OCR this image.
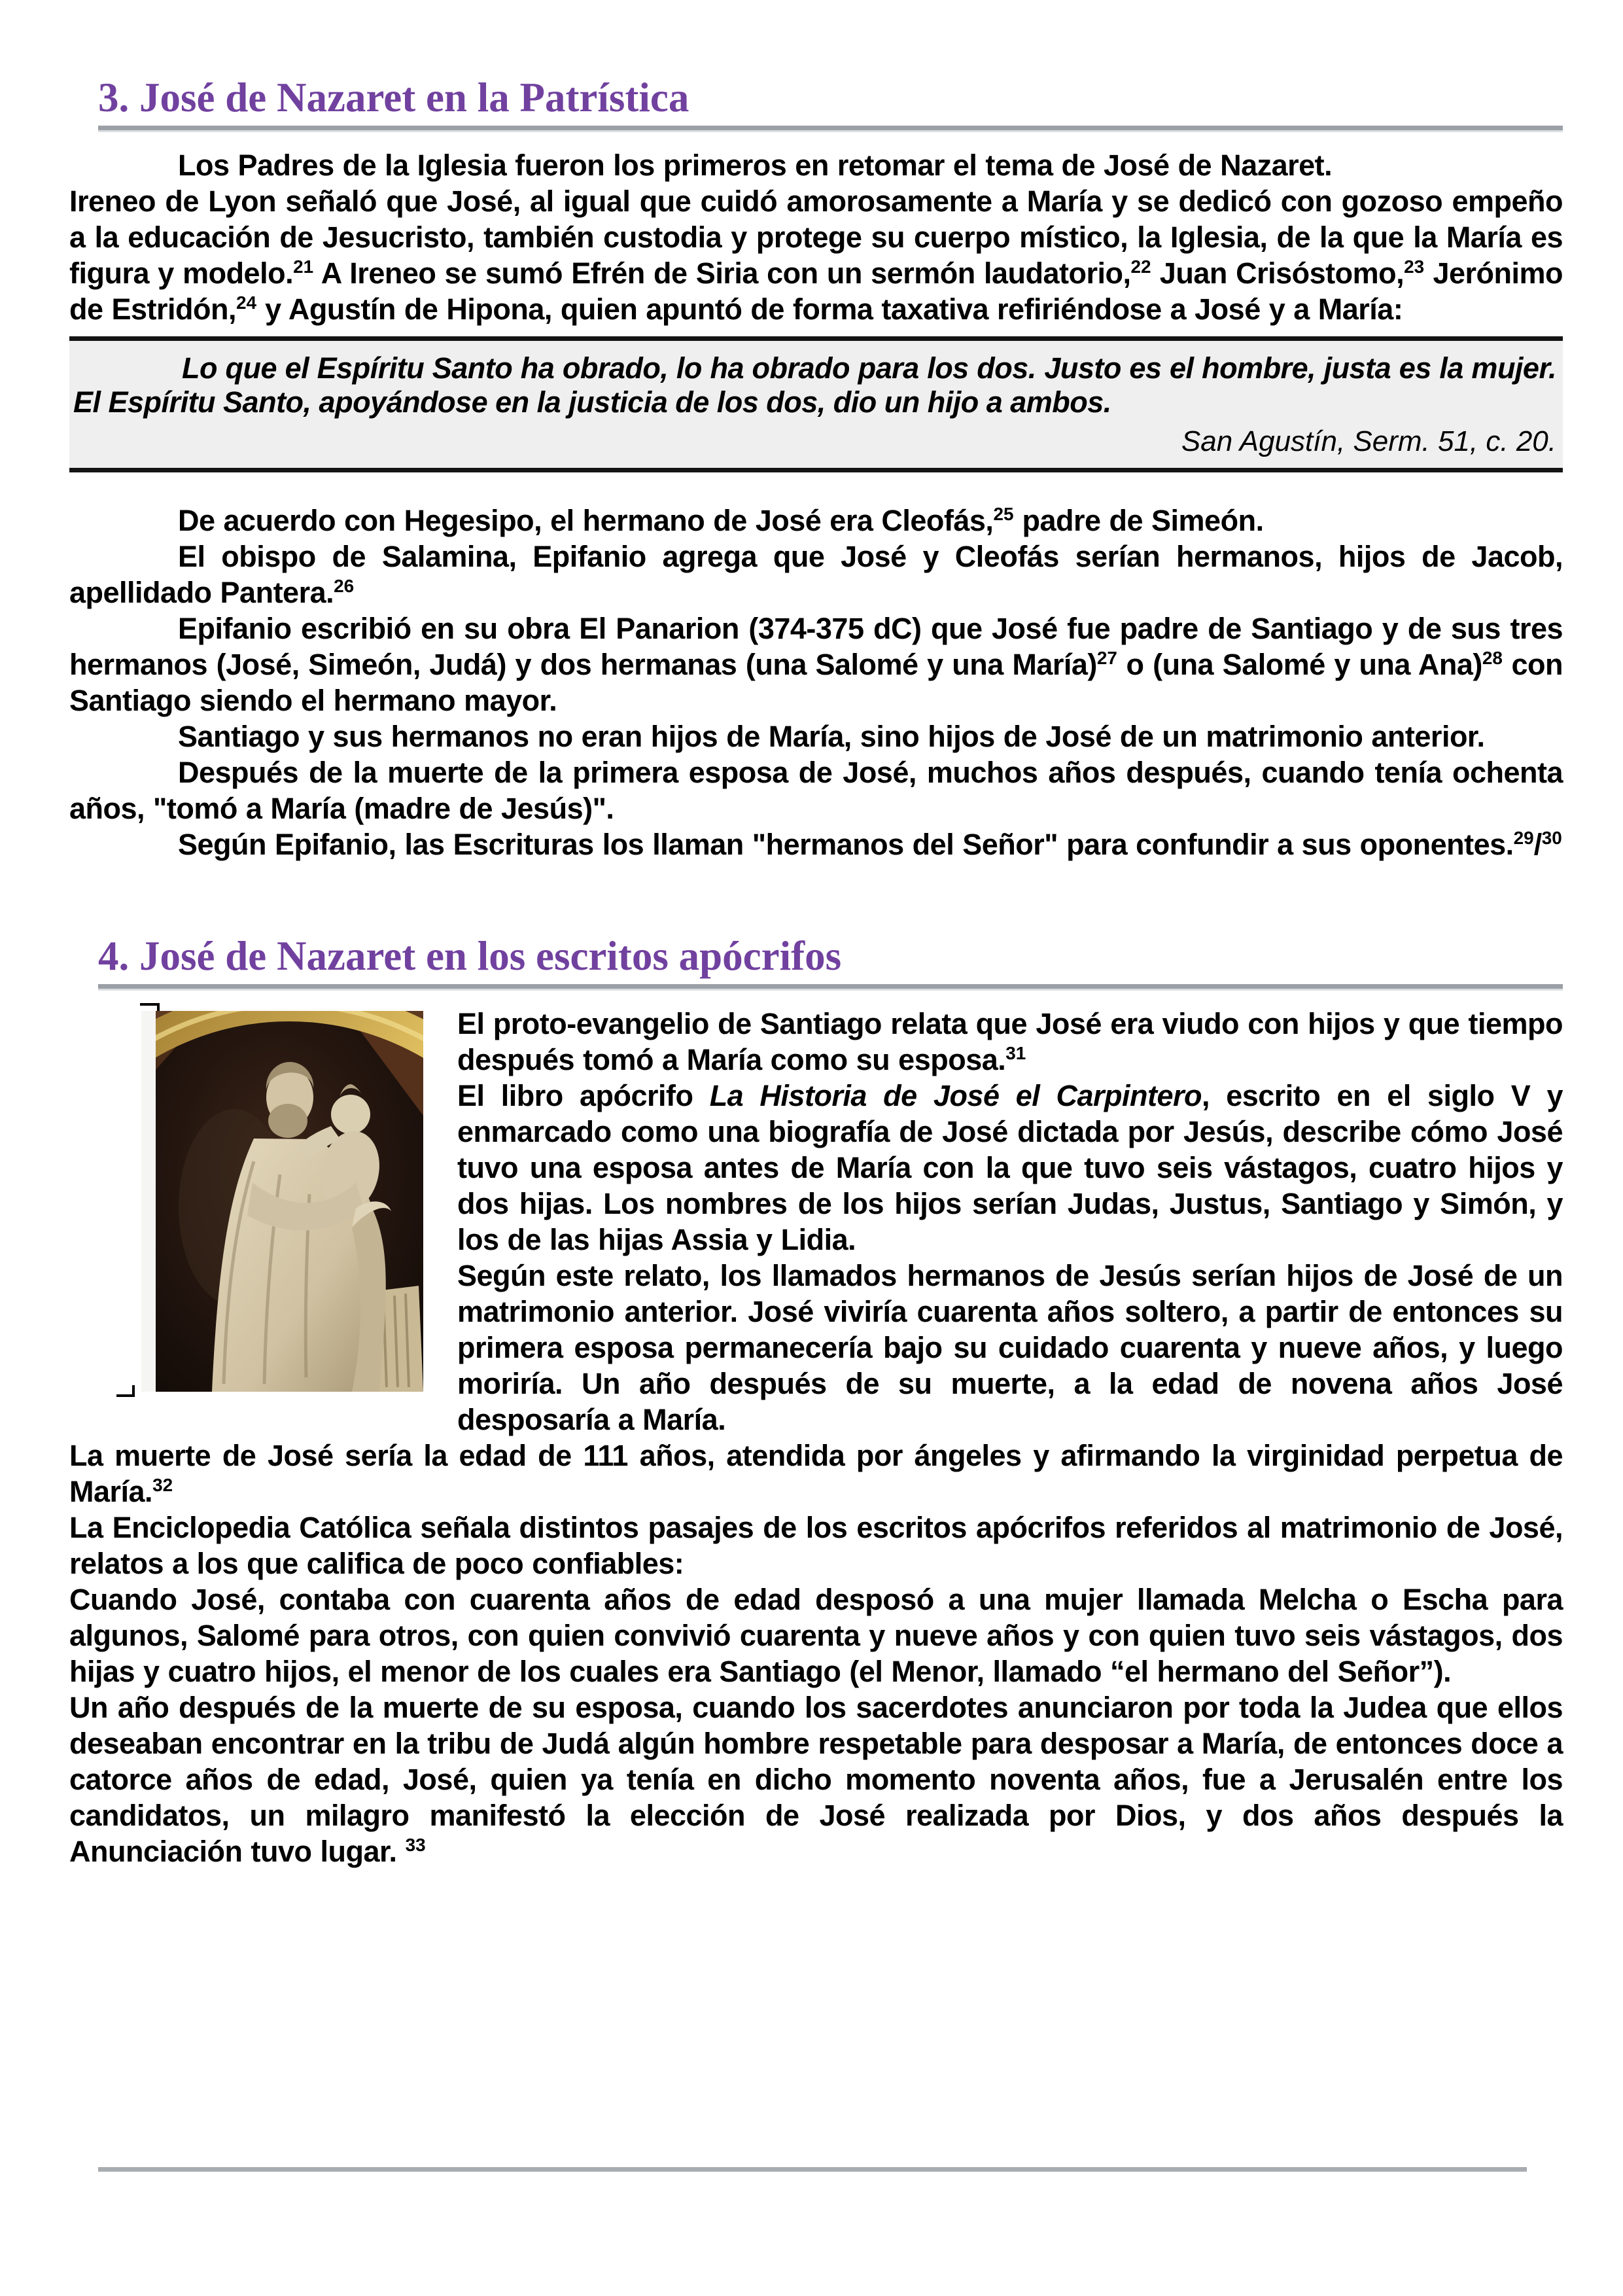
3. José de Nazaret en la Patrística

Los Padres de la Iglesia fueron los primeros en retomar el tema de José de Nazaret.

Ireneo de Lyon señaló que José, al igual que cuidó amorosamente a María y se dedicó con gozoso empeño a la educación de Jesucristo, también custodia y protege su cuerpo místico, la Iglesia, de la que la María es figura y modelo.$^{21}$ A Ireneo se sumó Efrén de Siria con un sermón laudatorio,$^{22}$ Juan Crisóstomo,$^{23}$ Jerónimo de Estridón,$^{24}$ y Agustín de Hipona, quien apuntó de forma taxativa refiriéndose a José y a María:

Lo que el Espíritu Santo ha obrado, lo ha obrado para los dos. Justo es el hombre, justa es la mujer. El Espíritu Santo, apoyándose en la justicia de los dos, dio un hijo a ambos.

San Agustín, Serm. 51, c. 20.

De acuerdo con Hegesipo, el hermano de José era Cleofás,$^{25}$ padre de Simeón.

El obispo de Salamina, Epifanio agrega que José y Cleofás serían hermanos, hijos de Jacob, apellidado Pantera.$^{26}$

Epifanio escribió en su obra El Panarion (374-375 dC) que José fue padre de Santiago y de sus tres hermanos (José, Simeón, Judá) y dos hermanas (una Salomé y una María)$^{27}$ o (una Salomé y una Ana)$^{28}$ con Santiago siendo el hermano mayor.

Santiago y sus hermanos no eran hijos de María, sino hijos de José de un matrimonio anterior.

Después de la muerte de la primera esposa de José, muchos años después, cuando tenía ochenta años, "tomó a María (madre de Jesús)".

Según Epifanio, las Escrituras los llaman "hermanos del Señor" para confundir a sus oponentes.$^{29}$/$^{30}$

4. José de Nazaret en los escritos apócrifos

El proto-evangelio de Santiago relata que José era viudo con hijos y que tiempo después tomó a María como su esposa.$^{31}$

El libro apócrifo La Historia de José el Carpintero, escrito en el siglo V y enmarcado como una biografía de José dictada por Jesús, describe cómo José tuvo una esposa antes de María con la que tuvo seis vástagos, cuatro hijos y dos hijas. Los nombres de los hijos serían Judas, Justus, Santiago y Simón, y los de las hijas Assia y Lidia.

Según este relato, los llamados hermanos de Jesús serían hijos de José de un matrimonio anterior. José viviría cuarenta años soltero, a partir de entonces su primera esposa permanecería bajo su cuidado cuarenta y nueve años, y luego moriría. Un año después de su muerte, a la edad de novena años José desposaría a María.

La muerte de José sería la edad de 111 años, atendida por ángeles y afirmando la virginidad perpetua de María.$^{32}$

La Enciclopedia Católica señala distintos pasajes de los escritos apócrifos referidos al matrimonio de José, relatos a los que califica de poco confiables:

Cuando José, contaba con cuarenta años de edad desposó a una mujer llamada Melcha o Escha para algunos, Salomé para otros, con quien convivió cuarenta y nueve años y con quien tuvo seis vástagos, dos hijas y cuatro hijos, el menor de los cuales era Santiago (el Menor, llamado “el hermano del Señor”).

Un año después de la muerte de su esposa, cuando los sacerdotes anunciaron por toda la Judea que ellos deseaban encontrar en la tribu de Judá algún hombre respetable para desposar a María, de entonces doce a catorce años de edad, José, quien ya tenía en dicho momento noventa años, fue a Jerusalén entre los candidatos, un milagro manifestó la elección de José realizada por Dios, y dos años después la Anunciación tuvo lugar. $^{33}$
